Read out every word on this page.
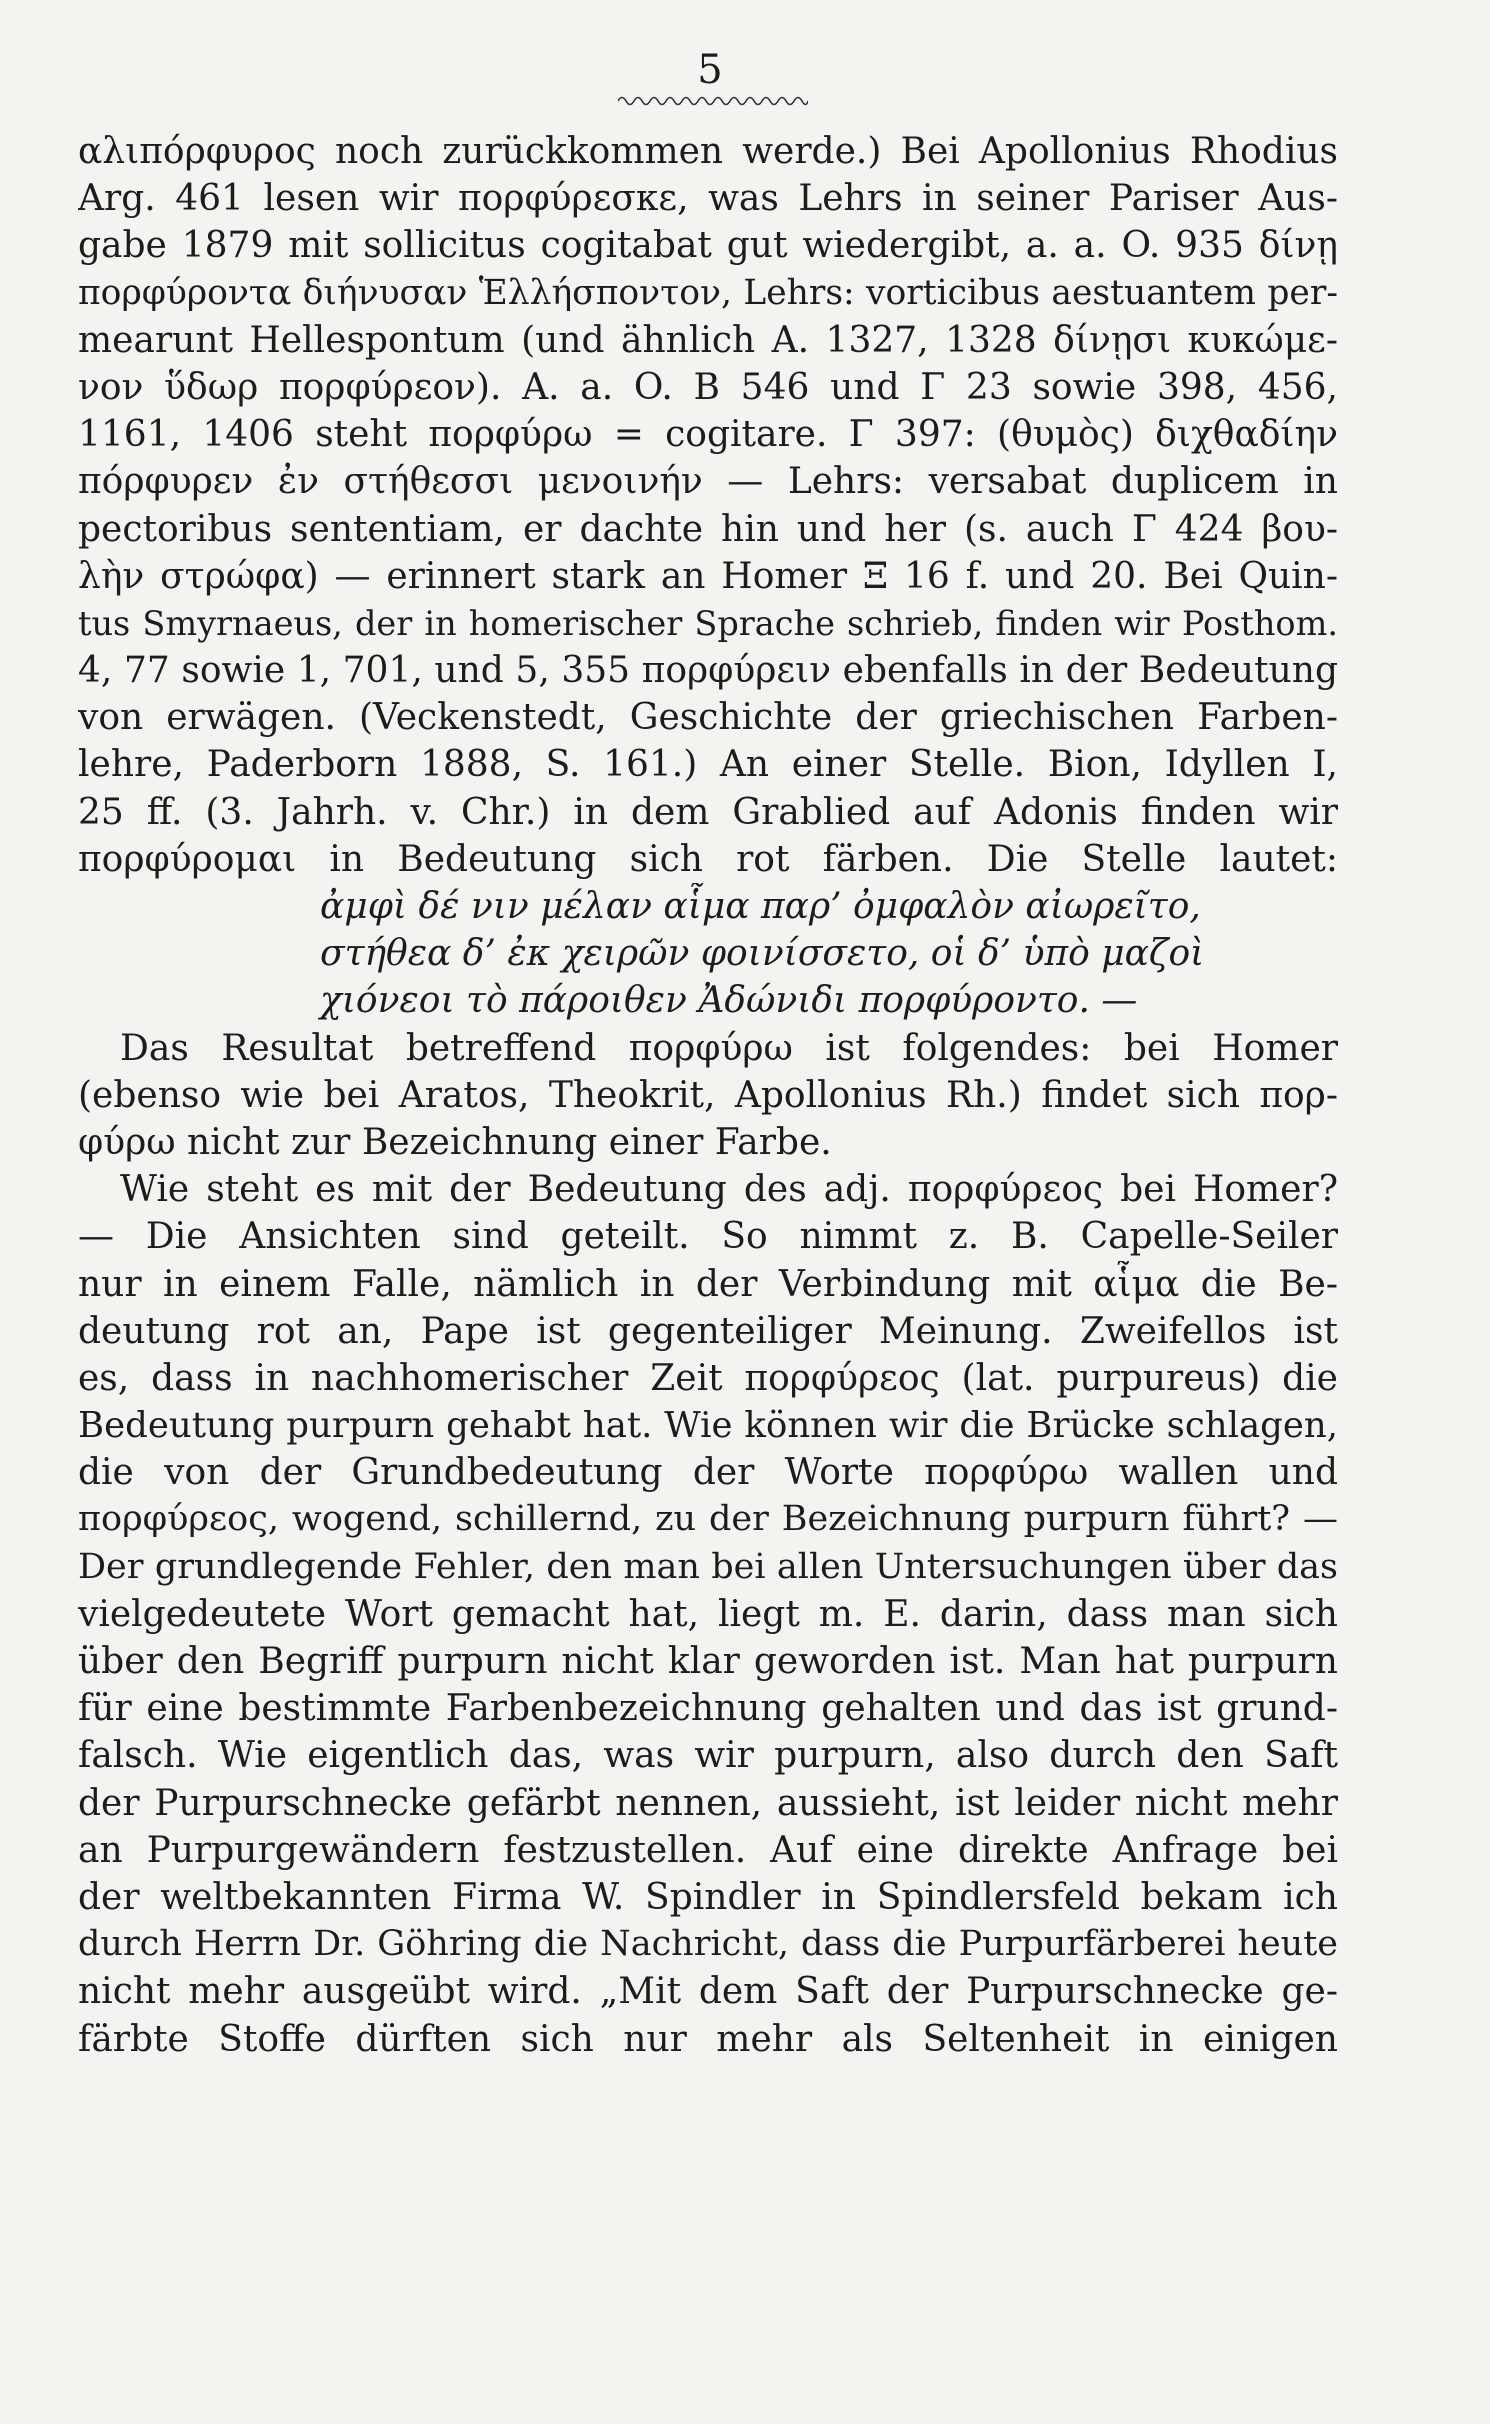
5
αλιπόρφυρος noch zurückkommen werde.) Bei Apollonius Rhodius
Arg. 461 lesen wir πορφύρεσκε, was Lehrs in seiner Pariser Aus-
gabe 1879 mit sollicitus cogitabat gut wiedergibt, a. a. O. 935 δίνῃ
πορφύροντα διήνυσαν Ἑλλήσποντον, Lehrs: vorticibus aestuantem per-
mearunt Hellespontum (und ähnlich A. 1327, 1328 δίνῃσι κυκώμε-
νον ὕδωρ πορφύρεον). A. a. O. B 546 und Γ 23 sowie 398, 456,
1161, 1406 steht πορφύρω = cogitare. Γ 397: (θυμὸς) διχθαδίην
πόρφυρεν ἐν στήθεσσι μενοινήν — Lehrs: versabat duplicem in
pectoribus sententiam, er dachte hin und her (s. auch Γ 424 βου-
λὴν στρώφα) — erinnert stark an Homer Ξ 16 f. und 20. Bei Quin-
tus Smyrnaeus, der in homerischer Sprache schrieb, finden wir Posthom.
4, 77 sowie 1, 701, und 5, 355 πορφύρειν ebenfalls in der Bedeutung
von erwägen. (Veckenstedt, Geschichte der griechischen Farben-
lehre, Paderborn 1888, S. 161.) An einer Stelle. Bion, Idyllen I,
25 ff. (3. Jahrh. v. Chr.) in dem Grablied auf Adonis finden wir
πορφύρομαι in Bedeutung sich rot färben. Die Stelle lautet:
ἀμφὶ δέ νιν μέλαν αἷμα παρ’ ὀμφαλὸν αἰωρεῖτο,
στήθεα δ’ ἐκ χειρῶν φοινίσσετο, οἱ δ’ ὑπὸ μαζοὶ
χιόνεοι τὸ πάροιθεν Ἀδώνιδι πορφύροντο. —
Das Resultat betreffend πορφύρω ist folgendes: bei Homer
(ebenso wie bei Aratos, Theokrit, Apollonius Rh.) findet sich πορ-
φύρω nicht zur Bezeichnung einer Farbe.
Wie steht es mit der Bedeutung des adj. πορφύρεος bei Homer?
— Die Ansichten sind geteilt. So nimmt z. B. Capelle-Seiler
nur in einem Falle, nämlich in der Verbindung mit αἷμα die Be-
deutung rot an, Pape ist gegenteiliger Meinung. Zweifellos ist
es, dass in nachhomerischer Zeit πορφύρεος (lat. purpureus) die
Bedeutung purpurn gehabt hat. Wie können wir die Brücke schlagen,
die von der Grundbedeutung der Worte πορφύρω wallen und
πορφύρεος, wogend, schillernd, zu der Bezeichnung purpurn führt? —
Der grundlegende Fehler, den man bei allen Untersuchungen über das
vielgedeutete Wort gemacht hat, liegt m. E. darin, dass man sich
über den Begriff purpurn nicht klar geworden ist. Man hat purpurn
für eine bestimmte Farbenbezeichnung gehalten und das ist grund-
falsch. Wie eigentlich das, was wir purpurn, also durch den Saft
der Purpurschnecke gefärbt nennen, aussieht, ist leider nicht mehr
an Purpurgewändern festzustellen. Auf eine direkte Anfrage bei
der weltbekannten Firma W. Spindler in Spindlersfeld bekam ich
durch Herrn Dr. Göhring die Nachricht, dass die Purpurfärberei heute
nicht mehr ausgeübt wird. „Mit dem Saft der Purpurschnecke ge-
färbte Stoffe dürften sich nur mehr als Seltenheit in einigen
